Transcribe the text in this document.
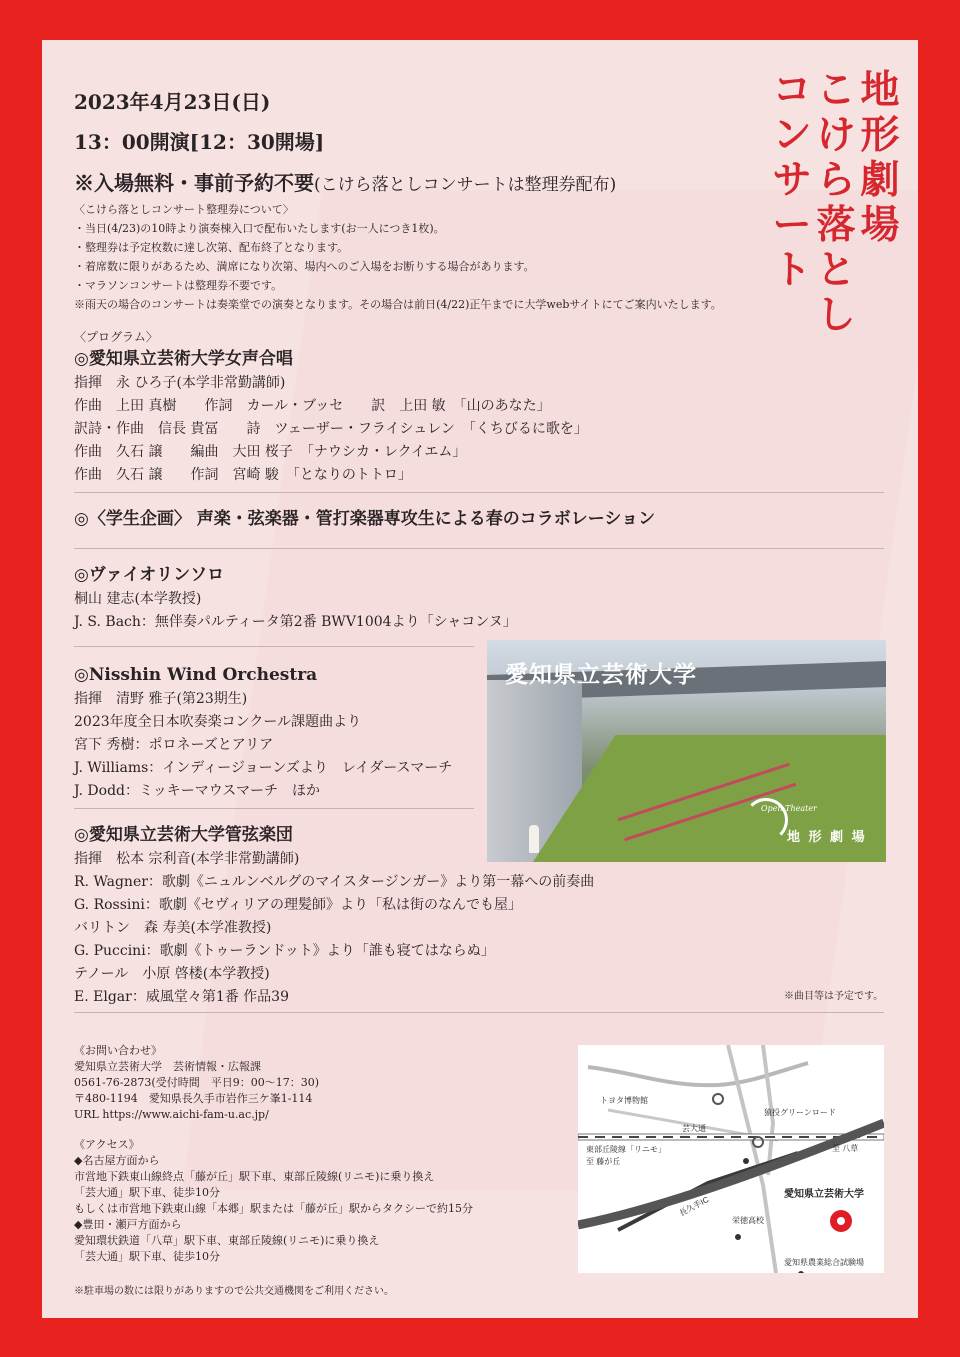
地
形
劇
場
こ
け
ら
落
と
し
コ
ン
サ
ー
ト
2023年4月23日(日)
13：00開演[12：30開場]
※入場無料・事前予約不要(こけら落としコンサートは整理券配布)
〈こけら落としコンサート整理券について〉
・当日(4/23)の10時より演奏棟入口で配布いたします(お一人につき1枚)。
・整理券は予定枚数に達し次第、配布終了となります。
・着席数に限りがあるため、満席になり次第、場内へのご入場をお断りする場合があります。
・マラソンコンサートは整理券不要です。
※雨天の場合のコンサートは奏楽堂での演奏となります。その場合は前日(4/22)正午までに大学webサイトにてご案内いたします。
〈プログラム〉
◎愛知県立芸術大学女声合唱
指揮　永 ひろ子(本学非常勤講師)
作曲　上田 真樹　　作詞　カール・ブッセ　　訳　上田 敏　「山のあなた」
訳詩・作曲　信長 貴冨　　詩　ツェーザー・フライシュレン　「くちびるに歌を」
作曲　久石 譲　　編曲　大田 桜子　「ナウシカ・レクイエム」
作曲　久石 譲　　作詞　宮崎 駿　「となりのトトロ」
◎〈学生企画〉 声楽・弦楽器・管打楽器専攻生による春のコラボレーション
◎ヴァイオリンソロ
桐山 建志(本学教授)
J. S. Bach：無伴奏パルティータ第2番 BWV1004より「シャコンヌ」
◎Nisshin Wind Orchestra
指揮　清野 雅子(第23期生)
2023年度全日本吹奏楽コンクール課題曲より
宮下 秀樹：ポロネーズとアリア
J. Williams：インディージョーンズより　レイダースマーチ
J. Dodd：ミッキーマウスマーチ　ほか
◎愛知県立芸術大学管弦楽団
指揮　松本 宗利音(本学非常勤講師)
R. Wagner：歌劇《ニュルンベルグのマイスタージンガー》より第一幕への前奏曲
G. Rossini：歌劇《セヴィリアの理髪師》より「私は街のなんでも屋」
バリトン　森 寿美(本学准教授)
G. Puccini：歌劇《トゥーランドット》より「誰も寝てはならぬ」
テノール　小原 啓楼(本学教授)
E. Elgar：威風堂々第1番 作品39
愛知県立芸術大学
Open Theater
地 形 劇 場
※曲目等は予定です。
《お問い合わせ》
愛知県立芸術大学　芸術情報・広報課
0561-76-2873(受付時間　平日9：00～17：30)
〒480-1194　愛知県長久手市岩作三ケ峯1-114
URL https://www.aichi-fam-u.ac.jp/
《アクセス》
◆名古屋方面から
市営地下鉄東山線終点「藤が丘」駅下車、東部丘陵線(リニモ)に乗り換え
「芸大通」駅下車、徒歩10分
もしくは市営地下鉄東山線「本郷」駅または「藤が丘」駅からタクシーで約15分
◆豊田・瀬戸方面から
愛知環状鉄道「八草」駅下車、東部丘陵線(リニモ)に乗り換え
「芸大通」駅下車、徒歩10分
※駐車場の数には限りがありますので公共交通機関をご利用ください。
トヨタ博物館
猿投グリーンロード
芸大通
東部丘陵線「リニモ」
至 藤が丘
至 八草
長久手IC
愛知県立芸術大学
栄徳高校
愛知県農業総合試験場
